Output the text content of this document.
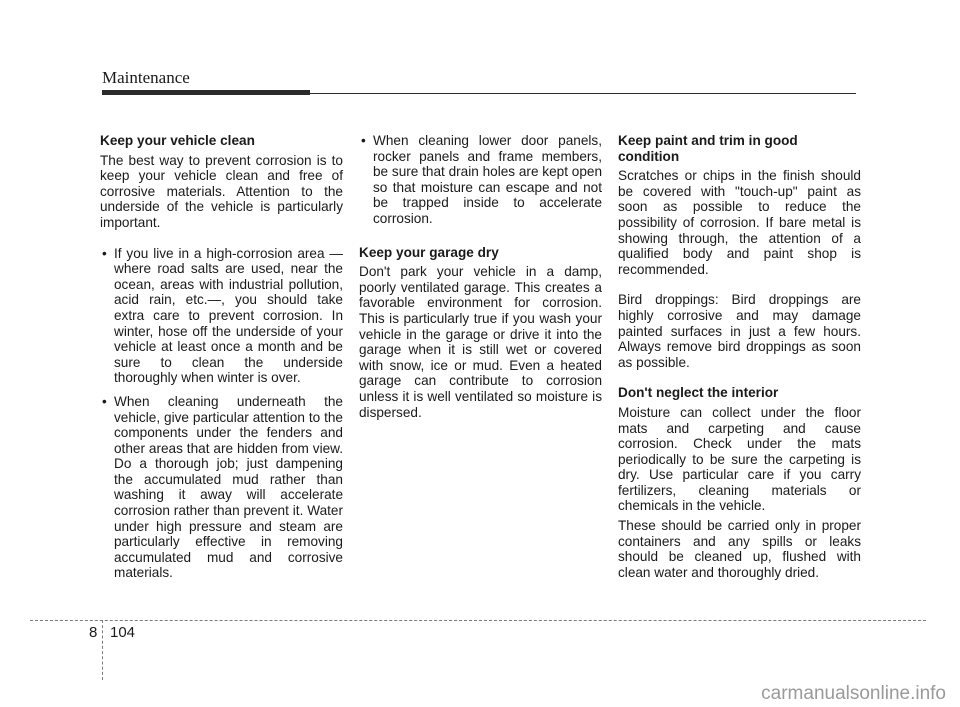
Maintenance
Keep your vehicle clean

The best way to prevent corrosion is to keep your vehicle clean and free of corrosive materials. Attention to the underside of the vehicle is particularly important.

• If you live in a high-corrosion area — where road salts are used, near the ocean, areas with industrial pollution, acid rain, etc.—, you should take extra care to prevent corrosion. In winter, hose off the underside of your vehicle at least once a month and be sure to clean the underside thoroughly when winter is over.
• When cleaning underneath the vehicle, give particular attention to the components under the fenders and other areas that are hidden from view. Do a thorough job; just dampening the accumulated mud rather than washing it away will accelerate corrosion rather than prevent it. Water under high pressure and steam are particularly effective in removing accumulated mud and corrosive materials.
• When cleaning lower door panels, rocker panels and frame members, be sure that drain holes are kept open so that moisture can escape and not be trapped inside to accelerate corrosion.
Keep your garage dry

Don't park your vehicle in a damp, poorly ventilated garage. This creates a favorable environment for corrosion. This is particularly true if you wash your vehicle in the garage or drive it into the garage when it is still wet or covered with snow, ice or mud. Even a heated garage can contribute to corrosion unless it is well ventilated so moisture is dispersed.

Keep paint and trim in good condition

Scratches or chips in the finish should be covered with "touch-up" paint as soon as possible to reduce the possibility of corrosion. If bare metal is showing through, the attention of a qualified body and paint shop is recommended.

Bird droppings: Bird droppings are highly corrosive and may damage painted surfaces in just a few hours. Always remove bird droppings as soon as possible.

Don't neglect the interior

Moisture can collect under the floor mats and carpeting and cause corrosion. Check under the mats periodically to be sure the carpeting is dry. Use particular care if you carry fertilizers, cleaning materials or chemicals in the vehicle.

These should be carried only in proper containers and any spills or leaks should be cleaned up, flushed with clean water and thoroughly dried.

8 104
carmanualsonline.info
